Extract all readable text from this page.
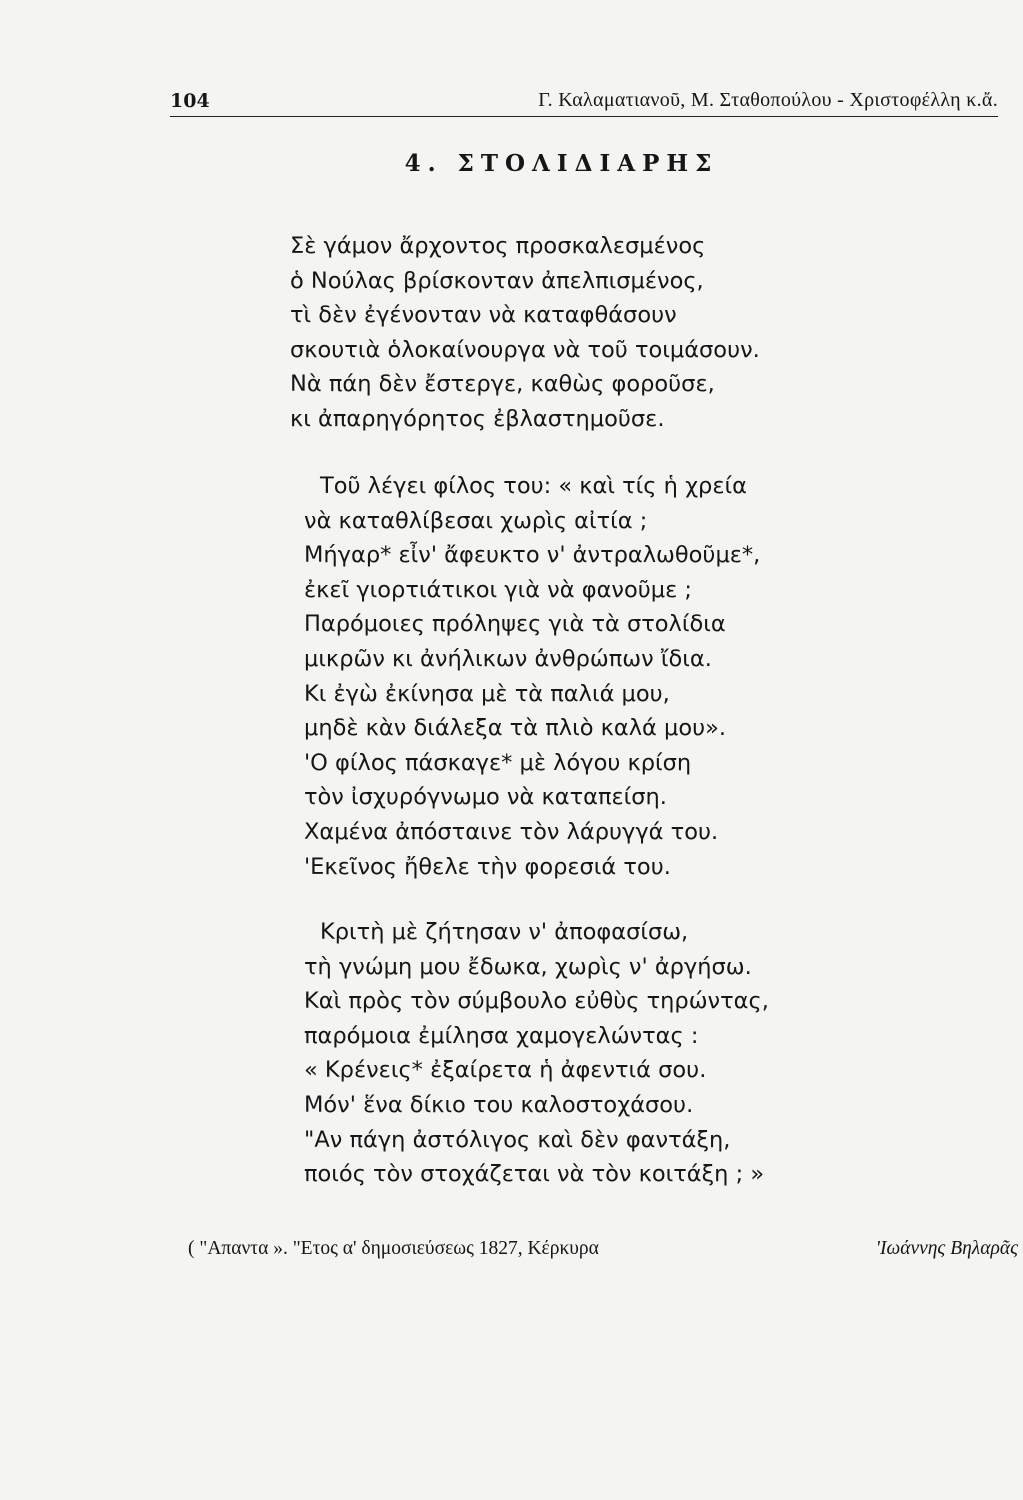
104	Γ. Καλαματιανοῦ, Μ. Σταθοπούλου - Χριστοφέλλη κ.ἄ.
4. ΣΤΟΛΙΔΙΑΡΗΣ
Σὲ γάμον ἄρχοντος προσκαλεσμένος
ὁ Νούλας βρίσκονταν ἀπελπισμένος,
τὶ δὲν ἐγένονταν νὰ καταφθάσουν
σκουτιὰ ὁλοκαίνουργα νὰ τοῦ τοιμάσουν.
Νὰ πάη δὲν ἔστεργε, καθὼς φοροῦσε,
κι ἀπαρηγόρητος ἐβλαστημοῦσε.
Τοῦ λέγει φίλος του: « καὶ τίς ἡ χρεία
νὰ καταθλίβεσαι χωρὶς αἰτία ;
Μήγαρ* εἶν' ἄφευκτο ν' ἀντραλωθοῦμε*,
ἐκεῖ γιορτιάτικοι γιὰ νὰ φανοῦμε ;
Παρόμοιες πρόληψες γιὰ τὰ στολίδια
μικρῶν κι ἀνήλικων ἀνθρώπων ἴδια.
Κι ἐγὼ ἐκίνησα μὲ τὰ παλιά μου,
μηδὲ κὰν διάλεξα τὰ πλιὸ καλά μου».
'Ο φίλος πάσκαγε* μὲ λόγου κρίση
τὸν ἰσχυρόγνωμο νὰ καταπείση.
Χαμένα ἀπόσταινε τὸν λάρυγγά του.
'Εκεῖνος ἤθελε τὴν φορεσιά του.
Κριτὴ μὲ ζήτησαν ν' ἀποφασίσω,
τὴ γνώμη μου ἔδωκα, χωρὶς ν' ἀργήσω.
Καὶ πρὸς τὸν σύμβουλο εὐθὺς τηρώντας,
παρόμοια ἐμίλησα χαμογελώντας :
« Κρένεις* ἐξαίρετα ἡ ἀφεντιά σου.
Μόν' ἕνα δίκιο του καλοστοχάσου.
"Αν πάγη ἀστόλιγος καὶ δὲν φαντάξη,
ποιός τὸν στοχάζεται νὰ τὸν κοιτάξη ; »
( "Απαντα ». "Ετος α' δημοσιεύσεως 1827, Κέρκυρα	'Ιωάννης Βηλαρᾶς
